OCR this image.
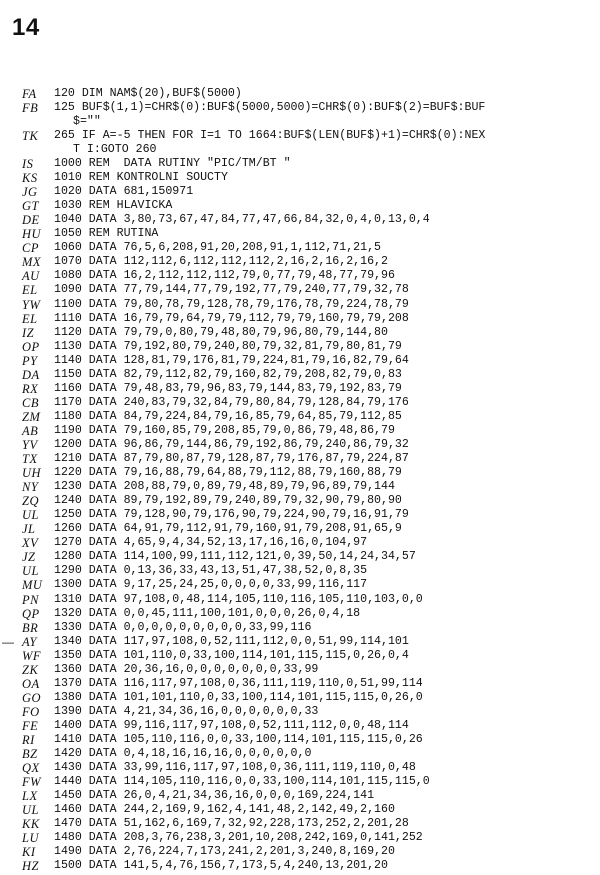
14
FA	120 DIM NAM$(20),BUF$(5000)
FB	125 BUF$(1,1)=CHR$(0):BUF$(5000,5000)=CHR$(0):BUF$(2)=BUF$:BUF
$=""
TK	265 IF A=-5 THEN FOR I=1 TO 1664:BUF$(LEN(BUF$)+1)=CHR$(0):NEX
T I:GOTO 260
IS	1000 REM  DATA RUTINY "PIC/TM/BT "
KS	1010 REM KONTROLNI SOUCTY
JG	1020 DATA 681,150971
GT	1030 REM HLAVICKA
DE	1040 DATA 3,80,73,67,47,84,77,47,66,84,32,0,4,0,13,0,4
HU	1050 REM RUTINA
CP	1060 DATA 76,5,6,208,91,20,208,91,1,112,71,21,5
MX	1070 DATA 112,112,6,112,112,112,2,16,2,16,2,16,2
AU	1080 DATA 16,2,112,112,112,79,0,77,79,48,77,79,96
EL	1090 DATA 77,79,144,77,79,192,77,79,240,77,79,32,78
YW	1100 DATA 79,80,78,79,128,78,79,176,78,79,224,78,79
EL	1110 DATA 16,79,79,64,79,79,112,79,79,160,79,79,208
IZ	1120 DATA 79,79,0,80,79,48,80,79,96,80,79,144,80
OP	1130 DATA 79,192,80,79,240,80,79,32,81,79,80,81,79
PY	1140 DATA 128,81,79,176,81,79,224,81,79,16,82,79,64
DA	1150 DATA 82,79,112,82,79,160,82,79,208,82,79,0,83
RX	1160 DATA 79,48,83,79,96,83,79,144,83,79,192,83,79
CB	1170 DATA 240,83,79,32,84,79,80,84,79,128,84,79,176
ZM	1180 DATA 84,79,224,84,79,16,85,79,64,85,79,112,85
AB	1190 DATA 79,160,85,79,208,85,79,0,86,79,48,86,79
YV	1200 DATA 96,86,79,144,86,79,192,86,79,240,86,79,32
TX	1210 DATA 87,79,80,87,79,128,87,79,176,87,79,224,87
UH	1220 DATA 79,16,88,79,64,88,79,112,88,79,160,88,79
NY	1230 DATA 208,88,79,0,89,79,48,89,79,96,89,79,144
ZQ	1240 DATA 89,79,192,89,79,240,89,79,32,90,79,80,90
UL	1250 DATA 79,128,90,79,176,90,79,224,90,79,16,91,79
JL	1260 DATA 64,91,79,112,91,79,160,91,79,208,91,65,9
XV	1270 DATA 4,65,9,4,34,52,13,17,16,16,0,104,97
JZ	1280 DATA 114,100,99,111,112,121,0,39,50,14,24,34,57
UL	1290 DATA 0,13,36,33,43,13,51,47,38,52,0,8,35
MU 1300 DATA 9,17,25,24,25,0,0,0,0,33,99,116,117
PN	1310 DATA 97,108,0,48,114,105,110,116,105,110,103,0,0
QP	1320 DATA 0,0,45,111,100,101,0,0,0,26,0,4,18
BR	1330 DATA 0,0,0,0,0,0,0,0,0,33,99,116
— AY	1340 DATA 117,97,108,0,52,111,112,0,0,51,99,114,101
WF	1350 DATA 101,110,0,33,100,114,101,115,115,0,26,0,4
ZK	1360 DATA 20,36,16,0,0,0,0,0,0,0,33,99
OA	1370 DATA 116,117,97,108,0,36,111,119,110,0,51,99,114
GO	1380 DATA 101,101,110,0,33,100,114,101,115,115,0,26,0
FO	1390 DATA 4,21,34,36,16,0,0,0,0,0,0,33
FE	1400 DATA 99,116,117,97,108,0,52,111,112,0,0,48,114
RI	1410 DATA 105,110,116,0,0,33,100,114,101,115,115,0,26
BZ	1420 DATA 0,4,18,16,16,16,0,0,0,0,0,0
QX	1430 DATA 33,99,116,117,97,108,0,36,111,119,110,0,48
FW	1440 DATA 114,105,110,116,0,0,33,100,114,101,115,115,0
LX	1450 DATA 26,0,4,21,34,36,16,0,0,0,169,224,141
UL	1460 DATA 244,2,169,9,162,4,141,48,2,142,49,2,160
KK	1470 DATA 51,162,6,169,7,32,92,228,173,252,2,201,28
LU	1480 DATA 208,3,76,238,3,201,10,208,242,169,0,141,252
KI	1490 DATA 2,76,224,7,173,241,2,201,3,240,8,169,20
HZ	1500 DATA 141,5,4,76,156,7,173,5,4,240,13,201,20
